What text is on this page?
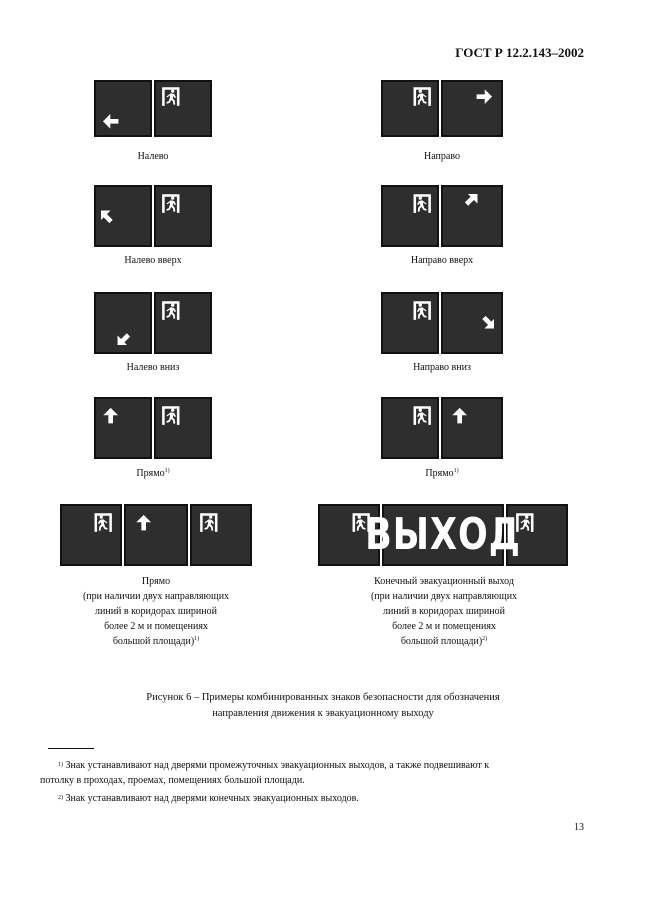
ГОСТ Р 12.2.143–2002
Налево	Направо
Налево вверх	Направо вверх
Налево вниз	Направо вниз
Прямо$^{1)}$	Прямо$^{1)}$
Прямо
(при наличии двух направляющих
линий в коридорах шириной
более 2 м и помещениях
большой площади)$^{1)}$
ВЫХОД
Конечный эвакуационный выход
(при наличии двух направляющих
линий в коридорах шириной
более 2 м и помещениях
большой площади)$^{2)}$
Рисунок 6 – Примеры комбинированных знаков безопасности для обозначения
направления движения к эвакуационному выходу
$^{1)}$ Знак устанавливают над дверями промежуточных эвакуационных выходов, а также подвешивают к
потолку в проходах, проемах, помещениях большой площади.
$^{2)}$ Знак устанавливают над дверями конечных эвакуационных выходов.
13
